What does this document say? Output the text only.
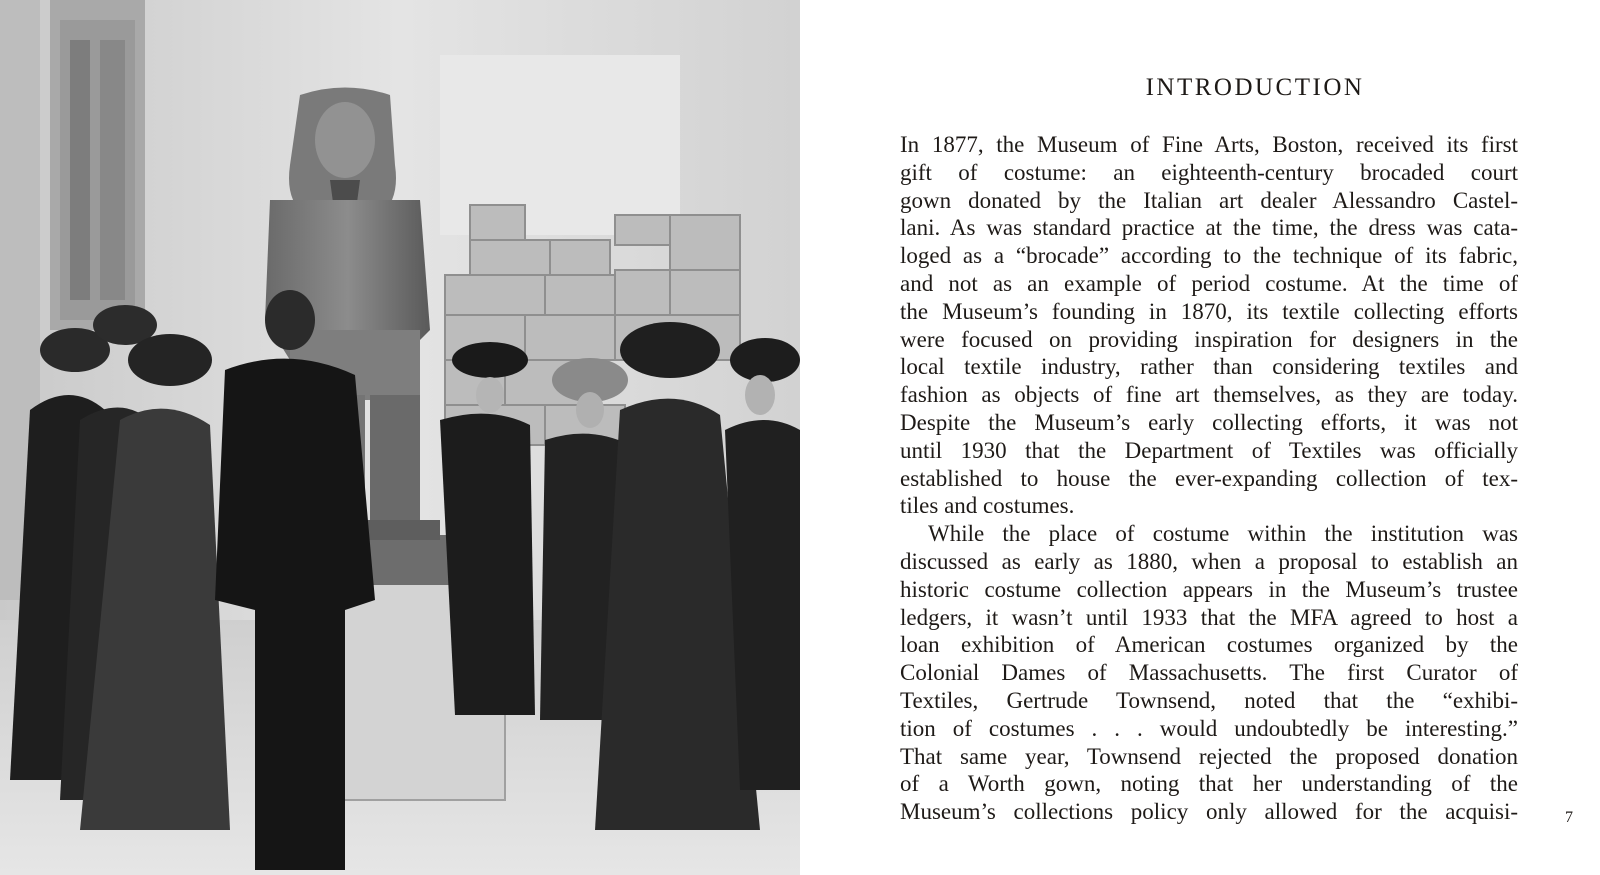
INTRODUCTION
In 1877, the Museum of Fine Arts, Boston, received its first
gift of costume: an eighteenth-century brocaded court
gown donated by the Italian art dealer Alessandro Castel-
lani. As was standard practice at the time, the dress was cata-
loged as a “brocade” according to the technique of its fabric,
and not as an example of period costume. At the time of
the Museum’s founding in 1870, its textile collecting efforts
were focused on providing inspiration for designers in the
local textile industry, rather than considering textiles and
fashion as objects of fine art themselves, as they are today.
Despite the Museum’s early collecting efforts, it was not
until 1930 that the Department of Textiles was officially
established to house the ever-expanding collection of tex-
tiles and costumes.
While the place of costume within the institution was
discussed as early as 1880, when a proposal to establish an
historic costume collection appears in the Museum’s trustee
ledgers, it wasn’t until 1933 that the MFA agreed to host a
loan exhibition of American costumes organized by the
Colonial Dames of Massachusetts. The first Curator of
Textiles, Gertrude Townsend, noted that the “exhibi-
tion of costumes . . . would undoubtedly be interesting.”
That same year, Townsend rejected the proposed donation
of a Worth gown, noting that her understanding of the
Museum’s collections policy only allowed for the acquisi-	7
